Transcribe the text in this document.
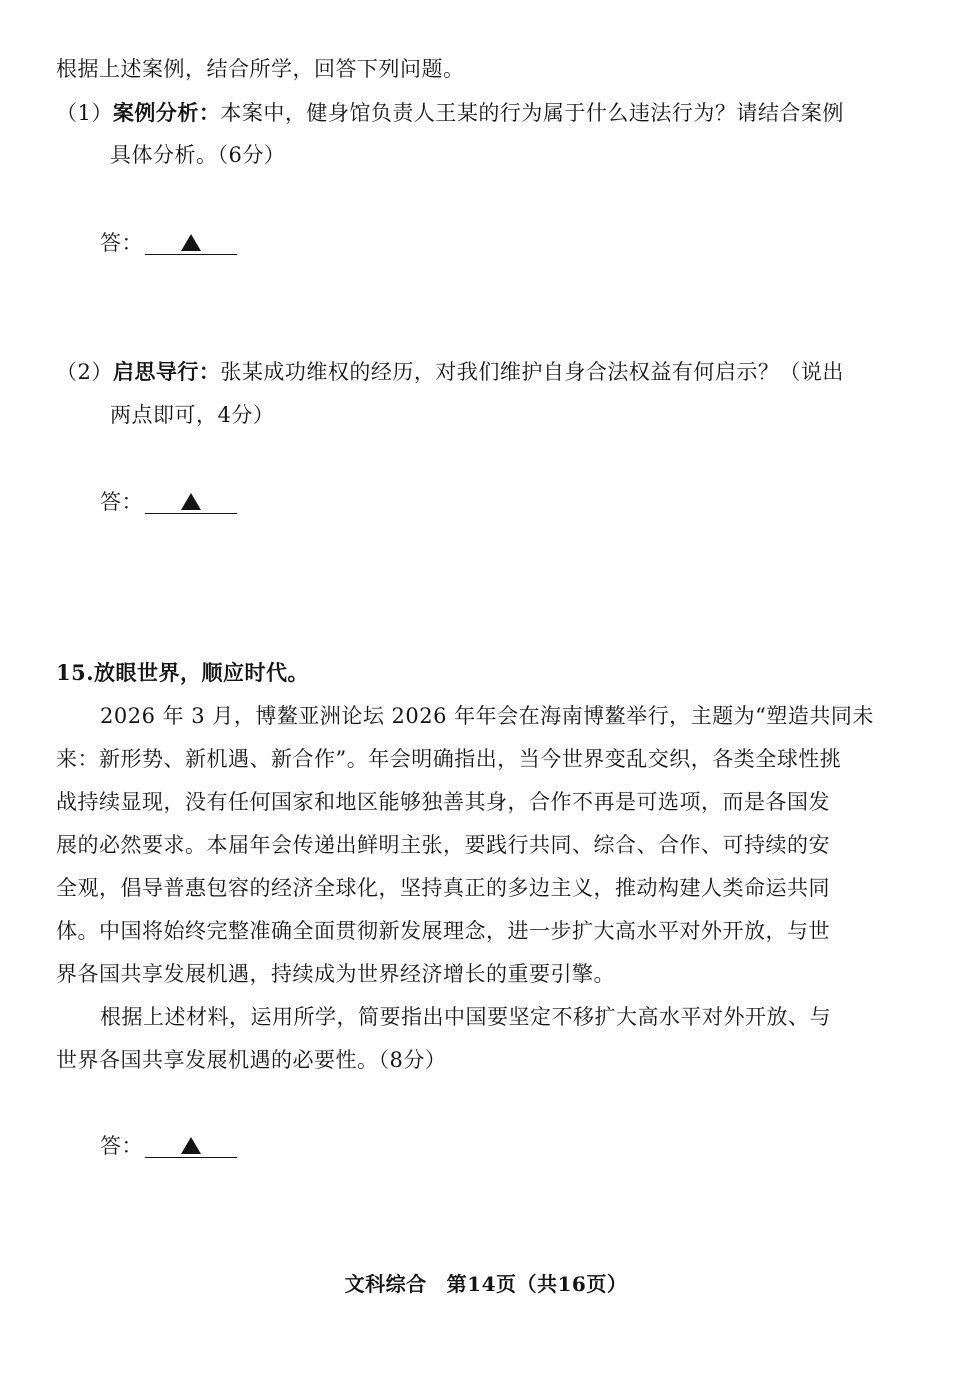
根据上述案例，结合所学，回答下列问题。
（1）案例分析：本案中，健身馆负责人王某的行为属于什么违法行为？请结合案例
具体分析。（6分）
答：
（2）启思导行：张某成功维权的经历，对我们维护自身合法权益有何启示？（说出
两点即可，4分）
答：
15.放眼世界，顺应时代。
2026 年 3 月，博鳌亚洲论坛 2026 年年会在海南博鳌举行，主题为“塑造共同未
来：新形势、新机遇、新合作”。年会明确指出，当今世界变乱交织，各类全球性挑
战持续显现，没有任何国家和地区能够独善其身，合作不再是可选项，而是各国发
展的必然要求。本届年会传递出鲜明主张，要践行共同、综合、合作、可持续的安
全观，倡导普惠包容的经济全球化，坚持真正的多边主义，推动构建人类命运共同
体。中国将始终完整准确全面贯彻新发展理念，进一步扩大高水平对外开放，与世
界各国共享发展机遇，持续成为世界经济增长的重要引擎。
根据上述材料，运用所学，简要指出中国要坚定不移扩大高水平对外开放、与
世界各国共享发展机遇的必要性。（8分）
答：
文科综合 第14页（共16页）
